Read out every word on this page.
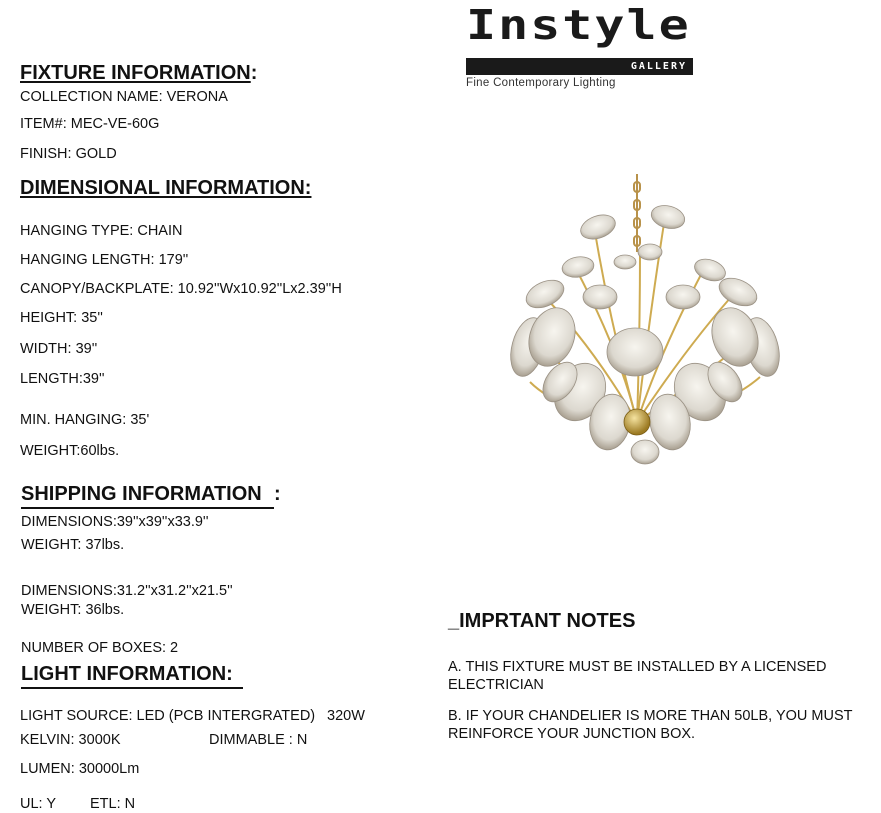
Instyle
GALLERY
Fine Contemporary Lighting
FIXTURE INFORMATION:
COLLECTION NAME: VERONA
ITEM#: MEC-VE-60G
FINISH: GOLD
DIMENSIONAL INFORMATION:
HANGING TYPE: CHAIN
HANGING LENGTH: 179''
CANOPY/BACKPLATE: 10.92''Wx10.92''Lx2.39''H
HEIGHT: 35''
WIDTH: 39''
LENGTH:39''
MIN. HANGING: 35'
WEIGHT:60lbs.
SHIPPING INFORMATION :
DIMENSIONS:39''x39''x33.9''
WEIGHT: 37lbs.
DIMENSIONS:31.2''x31.2''x21.5''
WEIGHT: 36lbs.
NUMBER OF BOXES: 2
LIGHT INFORMATION:
LIGHT SOURCE: LED (PCB INTERGRATED) 320W
KELVIN: 3000K	DIMMABLE : N
LUMEN: 30000Lm
UL: Y ETL: N
_IMPRTANT NOTES
A. THIS FIXTURE MUST BE INSTALLED BY A LICENSED ELECTRICIAN
B. IF YOUR CHANDELIER IS MORE THAN 50LB, YOU MUST REINFORCE YOUR JUNCTION BOX.
